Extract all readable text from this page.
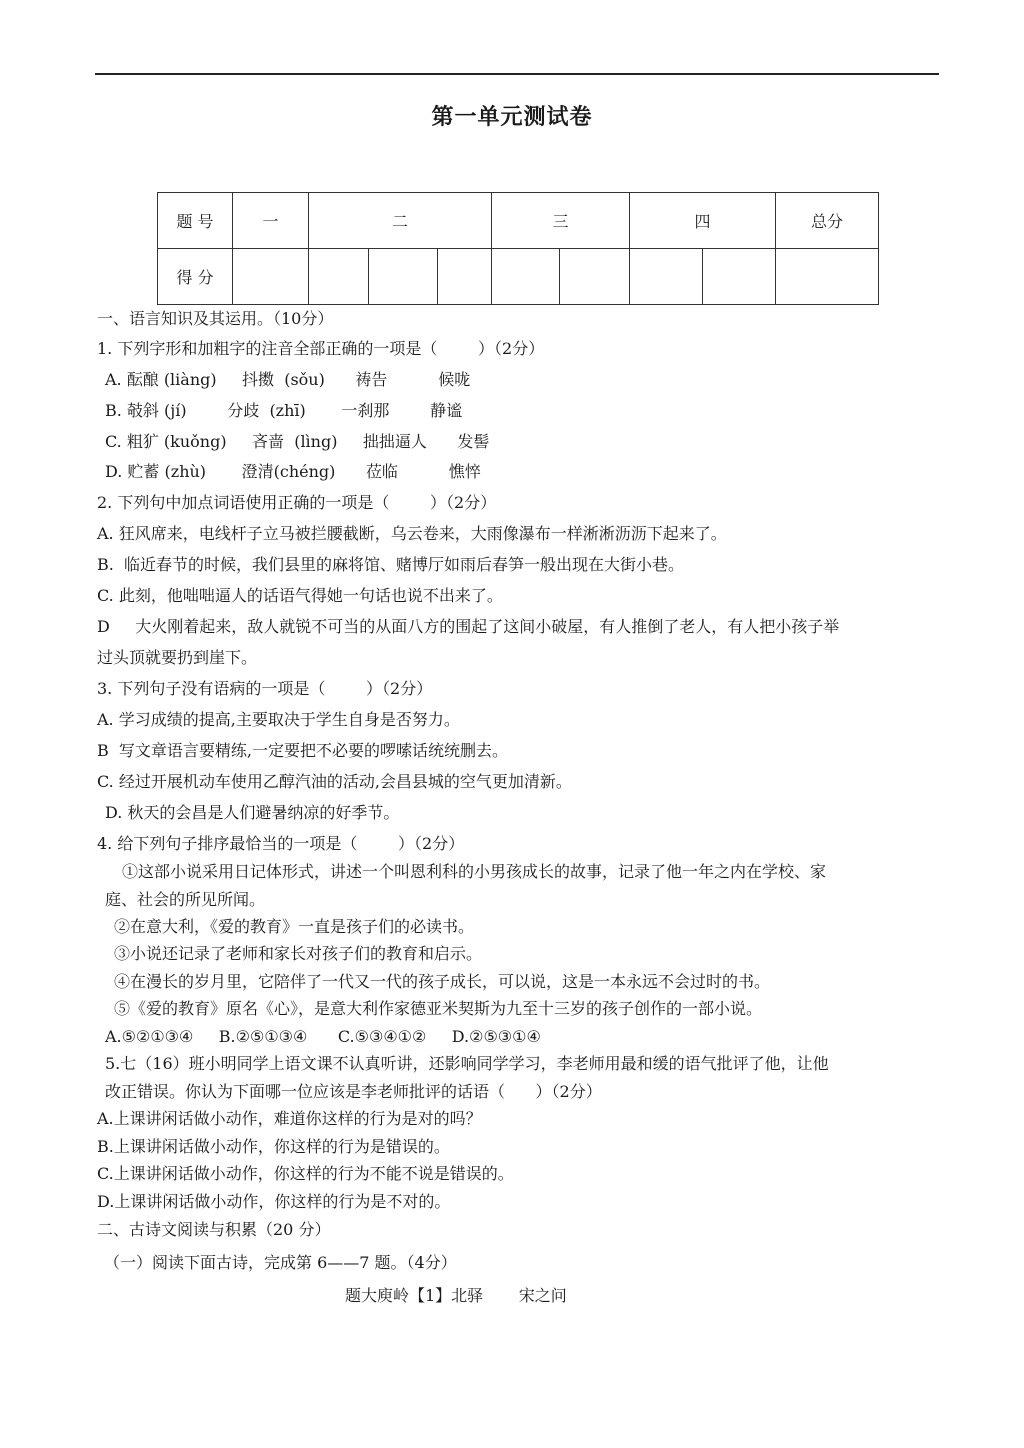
第一单元测试卷
题 号	一	二			三		四		总分
得 分									
一、语言知识及其运用。（10分）
1. 下列字形和加粗字的注音全部正确的一项是（        ）（2分）
A. 酝酿 (liàng)     抖擞  (sǒu)      祷告          候咙
B. 攲斜 (jí)        分歧  (zhī)       一刹那        静谧
C. 粗犷 (kuǒng)     吝啬  (lìng)     拙拙逼人      发髻
D. 贮蓄 (zhù)       澄清(chéng)      莅临          憔悴
2. 下列句中加点词语使用正确的一项是（        ）（2分）
A. 狂风席来，电线杆子立马被拦腰截断，乌云卷来，大雨像瀑布一样淅淅沥沥下起来了。
B.  临近春节的时候，我们县里的麻将馆、赌博厅如雨后春笋一般出现在大街小巷。
C. 此刻，他咄咄逼人的话语气得她一句话也说不出来了。
D     大火刚着起来，敌人就锐不可当的从面八方的围起了这间小破屋，有人推倒了老人，有人把小孩子举
过头顶就要扔到崖下。
3. 下列句子没有语病的一项是（        ）（2分）
A. 学习成绩的提高,主要取决于学生自身是否努力。
B  写文章语言要精练,一定要把不必要的啰嗦话统统删去。
C. 经过开展机动车使用乙醇汽油的活动,会昌县城的空气更加清新。
D. 秋天的会昌是人们避暑纳凉的好季节。
4. 给下列句子排序最恰当的一项是（        ）（2分）
①这部小说采用日记体形式，讲述一个叫恩利科的小男孩成长的故事，记录了他一年之内在学校、家
庭、社会的所见所闻。
②在意大利，《爱的教育》一直是孩子们的必读书。
③小说还记录了老师和家长对孩子们的教育和启示。
④在漫长的岁月里，它陪伴了一代又一代的孩子成长，可以说，这是一本永远不会过时的书。
⑤《爱的教育》原名《心》，是意大利作家德亚米契斯为九至十三岁的孩子创作的一部小说。
A.⑤②①③④     B.②⑤①③④      C.⑤③④①②     D.②⑤③①④
5.七（16）班小明同学上语文课不认真听讲，还影响同学学习，李老师用最和缓的语气批评了他，让他
改正错误。你认为下面哪一位应该是李老师批评的话语（      ）（2分）
A.上课讲闲话做小动作，难道你这样的行为是对的吗？
B.上课讲闲话做小动作，你这样的行为是错误的。
C.上课讲闲话做小动作，你这样的行为不能不说是错误的。
D.上课讲闲话做小动作，你这样的行为是不对的。
二、古诗文阅读与积累（20 分）
（一）阅读下面古诗，完成第 6——7 题。（4分）
题大庾岭【1】北驿       宋之问
